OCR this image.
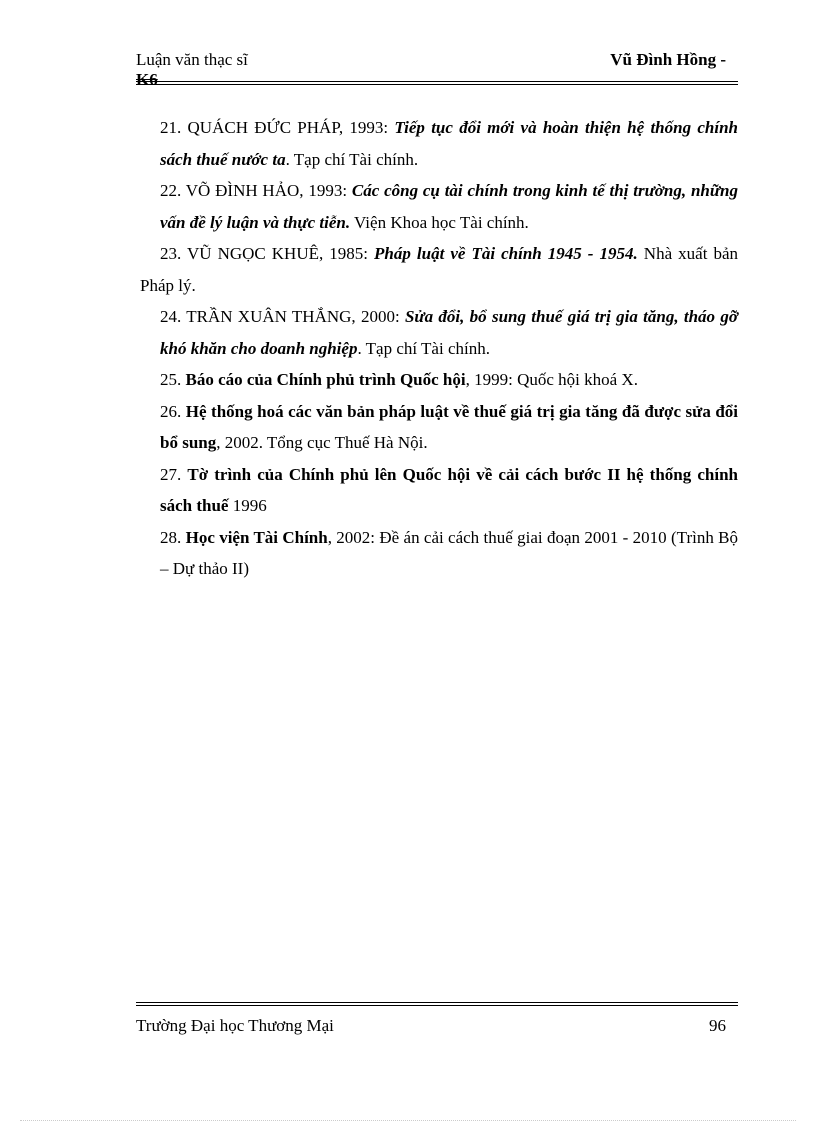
Luận văn thạc sĩ
K6
Vũ Đình Hồng -
21. QUÁCH ĐỨC PHÁP, 1993: Tiếp tục đổi mới và hoàn thiện hệ thống chính sách thuế nước ta. Tạp chí Tài chính.
22. VÕ ĐÌNH HẢO, 1993: Các công cụ tài chính trong kinh tế thị trường, những vấn đề lý luận và thực tiễn. Viện Khoa học Tài chính.
23. VŨ NGỌC KHUÊ, 1985: Pháp luật về Tài chính 1945 - 1954. Nhà xuất bản Pháp lý.
24. TRẦN XUÂN THẮNG, 2000: Sửa đổi, bổ sung thuế giá trị gia tăng, tháo gỡ khó khăn cho doanh nghiệp. Tạp chí Tài chính.
25. Báo cáo của Chính phủ trình Quốc hội, 1999: Quốc hội khoá X.
26. Hệ thống hoá các văn bản pháp luật về thuế giá trị gia tăng đã được sửa đổi bổ sung, 2002. Tổng cục Thuế Hà Nội.
27. Tờ trình của Chính phủ lên Quốc hội về cải cách bước II hệ thống chính sách thuế 1996
28. Học viện Tài Chính, 2002: Đề án cải cách thuế giai đoạn 2001 - 2010 (Trình Bộ – Dự thảo II)
Trường Đại học Thương Mại	96
